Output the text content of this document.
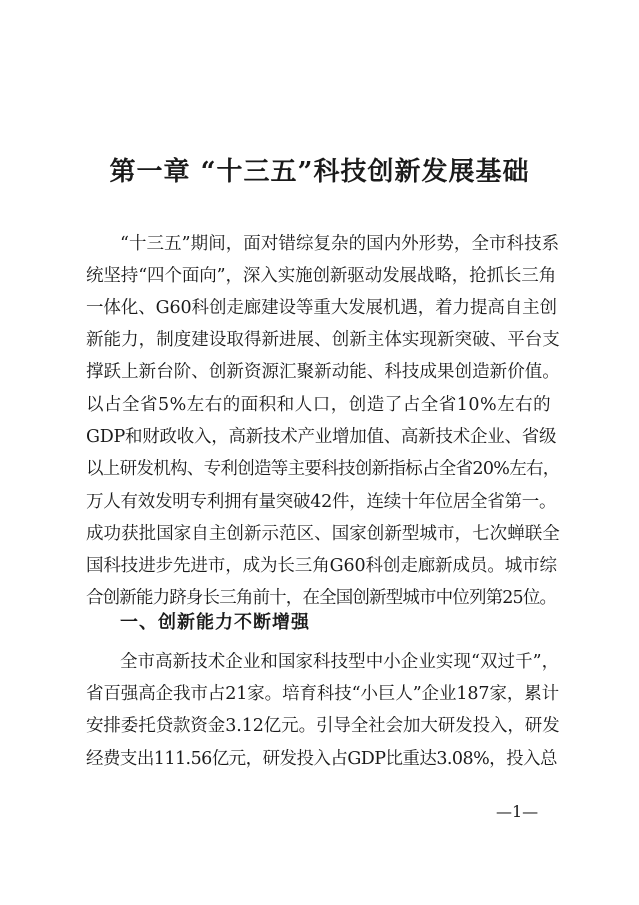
第一章 “十三五”科技创新发展基础
“十三五”期间，面对错综复杂的国内外形势，全市科技系
统坚持“四个面向”，深入实施创新驱动发展战略，抢抓长三角
一体化、G60科创走廊建设等重大发展机遇，着力提高自主创
新能力，制度建设取得新进展、创新主体实现新突破、平台支
撑跃上新台阶、创新资源汇聚新动能、科技成果创造新价值。
以占全省5%左右的面积和人口，创造了占全省10%左右的
GDP和财政收入，高新技术产业增加值、高新技术企业、省级
以上研发机构、专利创造等主要科技创新指标占全省20%左右，
万人有效发明专利拥有量突破42件，连续十年位居全省第一。
成功获批国家自主创新示范区、国家创新型城市，七次蝉联全
国科技进步先进市，成为长三角G60科创走廊新成员。城市综
合创新能力跻身长三角前十，在全国创新型城市中位列第25位。
一、创新能力不断增强
全市高新技术企业和国家科技型中小企业实现“双过千”，
省百强高企我市占21家。培育科技“小巨人”企业187家，累计
安排委托贷款资金3.12亿元。引导全社会加大研发投入，研发
经费支出111.56亿元，研发投入占GDP比重达3.08%，投入总
—1—
